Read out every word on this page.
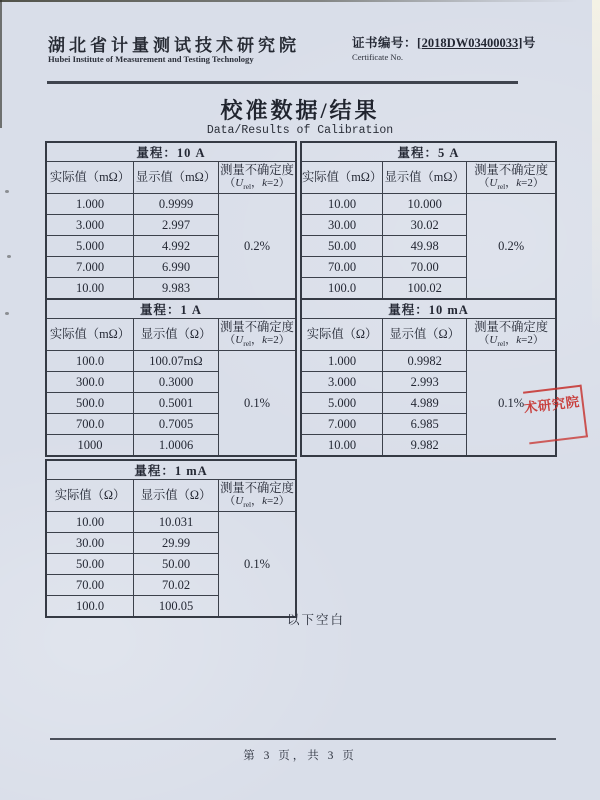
湖北省计量测试技术研究院
Hubei Institute of Measurement and Testing Technology
证书编号：[2018DW03400033]号
Certificate No.
校准数据/结果
Data/Results of Calibration
量程：10 A		
实际值（mΩ）	显示值（mΩ）	测量不确定度
（$U_{rel}$，k=2）

1.000	0.9999	0.2%
3.000	2.997	
5.000	4.992	
7.000	6.990	
10.00	9.983	
量程：5 A		
实际值（mΩ）	显示值（mΩ）	测量不确定度
（$U_{rel}$，k=2）

10.00	10.000	0.2%
30.00	30.02	
50.00	49.98	
70.00	70.00	
100.0	100.02	
量程：1 A		
实际值（mΩ）	显示值（Ω）	测量不确定度
（$U_{rel}$，k=2）

100.0	100.07mΩ	0.1%
300.0	0.3000	
500.0	0.5001	
700.0	0.7005	
1000	1.0006	
量程：10 mA		
实际值（Ω）	显示值（Ω）	测量不确定度
（$U_{rel}$，k=2）

1.000	0.9982	0.1%
3.000	2.993	
5.000	4.989	
7.000	6.985	
10.00	9.982	
量程：1 mA		
实际值（Ω）	显示值（Ω）	测量不确定度
（$U_{rel}$，k=2）

10.00	10.031	0.1%
30.00	29.99	
50.00	50.00	
70.00	70.02	
100.0	100.05	
以下空白
术研究院
第 3 页，共 3 页
